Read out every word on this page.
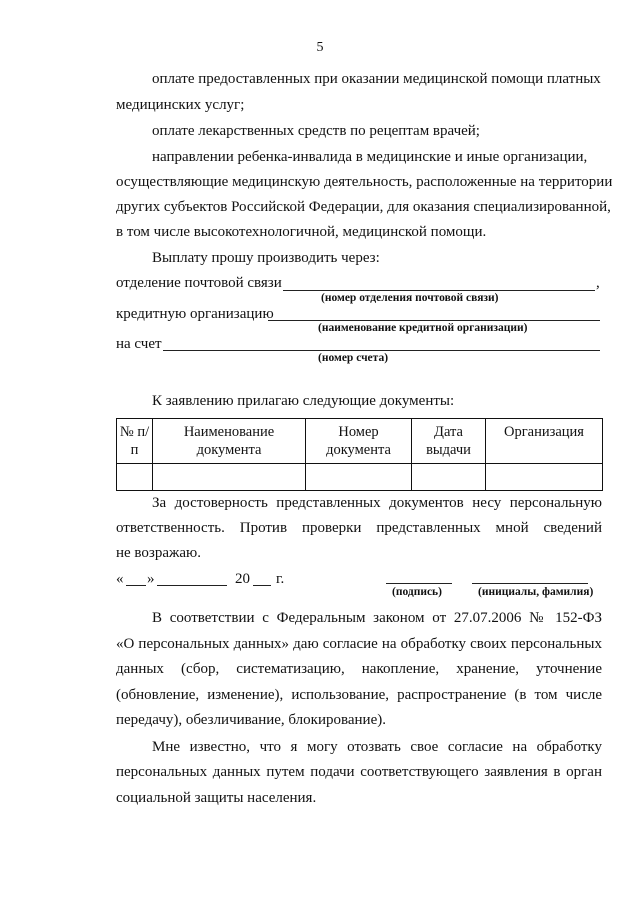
5
оплате предоставленных при оказании медицинской помощи платных
медицинских услуг;
оплате лекарственных средств по рецептам врачей;
направлении ребенка-инвалида в медицинские и иные организации,
осуществляющие медицинскую деятельность, расположенные на территории
других субъектов Российской Федерации, для оказания специализированной,
в том числе высокотехнологичной, медицинской помощи.
Выплату прошу производить через:
отделение почтовой связи	,
(номер отделения почтовой связи)
кредитную организацию
(наименование кредитной организации)
на счет
(номер счета)
К заявлению прилагаю следующие документы:
№ п/п	Наименование документа	Номер документа	Дата выдачи	Организация

За достоверность представленных документов несу персональную
ответственность. Против проверки представленных мной сведений
не возражаю.
« »	20 г.
(подпись)	(инициалы, фамилия)
В соответствии с Федеральным законом от 27.07.2006 № 152-ФЗ
«О персональных данных» даю согласие на обработку своих персональных
данных (сбор, систематизацию, накопление, хранение, уточнение
(обновление, изменение), использование, распространение (в том числе
передачу), обезличивание, блокирование).
Мне известно, что я могу отозвать свое согласие на обработку
персональных данных путем подачи соответствующего заявления в орган
социальной защиты населения.
